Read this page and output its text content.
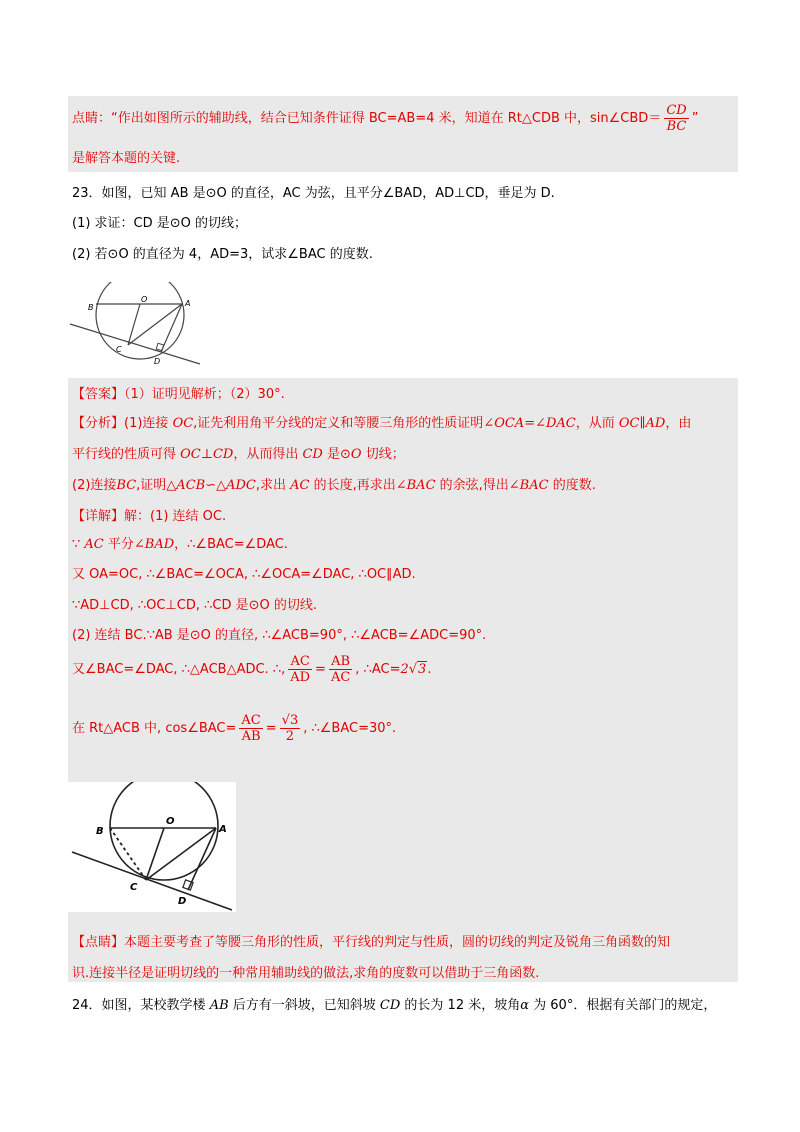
点睛：“作出如图所示的辅助线，结合已知条件证得 BC=AB=4 米，知道在 Rt△CDB 中，sin∠CBD＝ $\frac{CD}{BC}$ ”
是解答本题的关键.
23．如图，已知 AB 是⊙O 的直径，AC 为弦，且平分∠BAD，AD⊥CD，垂足为 D.
(1) 求证：CD 是⊙O 的切线；
(2) 若⊙O 的直径为 4，AD=3，试求∠BAC 的度数.
B
O	A
C
D
【答案】（1）证明见解析；（2）30°.
【分析】(1)连接 OC,证先利用角平分线的定义和等腰三角形的性质证明∠OCA=∠DAC，从而 OC∥AD，由
平行线的性质可得 OC⊥CD，从而得出 CD 是⊙O 切线；
(2)连接BC,证明△ACB∽△ADC,求出 AC 的长度,再求出∠BAC 的余弦,得出∠BAC 的度数.
【详解】解：(1) 连结 OC.
∵ AC 平分∠BAD，∴∠BAC=∠DAC.
又 OA=OC, ∴∠BAC=∠OCA, ∴∠OCA=∠DAC, ∴OC∥AD.
∵AD⊥CD, ∴OC⊥CD, ∴CD 是⊙O 的切线.
(2) 连结 BC.∵AB 是⊙O 的直径, ∴∠ACB=90°, ∴∠ACB=∠ADC=90°.
又∠BAC=∠DAC, ∴△ACB△ADC. ∴, $\frac{AC}{AD} = \frac{AB}{AC}$ , ∴AC=2√3.
在 Rt△ACB 中, cos∠BAC= $\frac{AC}{AB} = \frac{√3}{2}$ , ∴∠BAC=30°.
B
O
A
C
D
【点睛】本题主要考查了等腰三角形的性质，平行线的判定与性质，圆的切线的判定及锐角三角函数的知
识.连接半径是证明切线的一种常用辅助线的做法,求角的度数可以借助于三角函数.
24．如图，某校教学楼 AB 后方有一斜坡，已知斜坡 CD 的长为 12 米，坡角α 为 60°．根据有关部门的规定，
